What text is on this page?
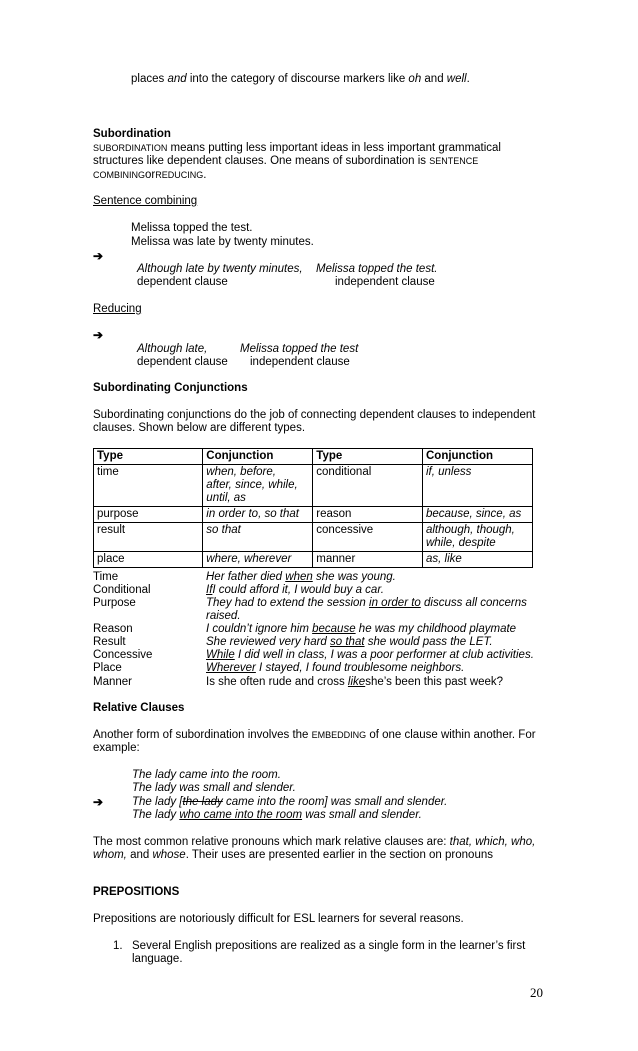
places and into the category of discourse markers like oh and well.
Subordination
SUBORDINATION means putting less important ideas in less important grammatical
structures like dependent clauses. One means of subordination is SENTENCE
COMBININGorREDUCING.
Sentence combining
Melissa topped the test.
Melissa was late by twenty minutes.
➔
Although late by twenty minutes, Melissa topped the test.
dependent clause	independent clause
Reducing
➔
Although late,	Melissa topped the test
dependent clause independent clause
Subordinating Conjunctions
Subordinating conjunctions do the job of connecting dependent clauses to independent
clauses. Shown below are different types.
Type	Conjunction	Type	Conjunction
time	when, before,
after, since, while,
until, as	conditional	if, unless
purpose	in order to, so that	reason	because, since, as
result	so that	concessive	although, though,
while, despite

place	where, wherever	manner	as, like
Time	Her father died when she was young.
Conditional	IfI could afford it, I would buy a car.
Purpose	They had to extend the session in order to discuss all concerns
raised.
Reason	I couldn’t ignore him because he was my childhood playmate
Result	She reviewed very hard so that she would pass the LET.
Concessive	While I did well in class, I was a poor performer at club activities.
Place	Wherever I stayed, I found troublesome neighbors.
Manner	Is she often rude and cross likeshe’s been this past week?
Relative Clauses
Another form of subordination involves the EMBEDDING of one clause within another. For
example:
The lady came into the room.
The lady was small and slender.
➔	The lady [the lady came into the room] was small and slender.
The lady who came into the room was small and slender.
The most common relative pronouns which mark relative clauses are: that, which, who,
whom, and whose. Their uses are presented earlier in the section on pronouns
PREPOSITIONS
Prepositions are notoriously difficult for ESL learners for several reasons.
1. Several English prepositions are realized as a single form in the learner’s first
language.
20
